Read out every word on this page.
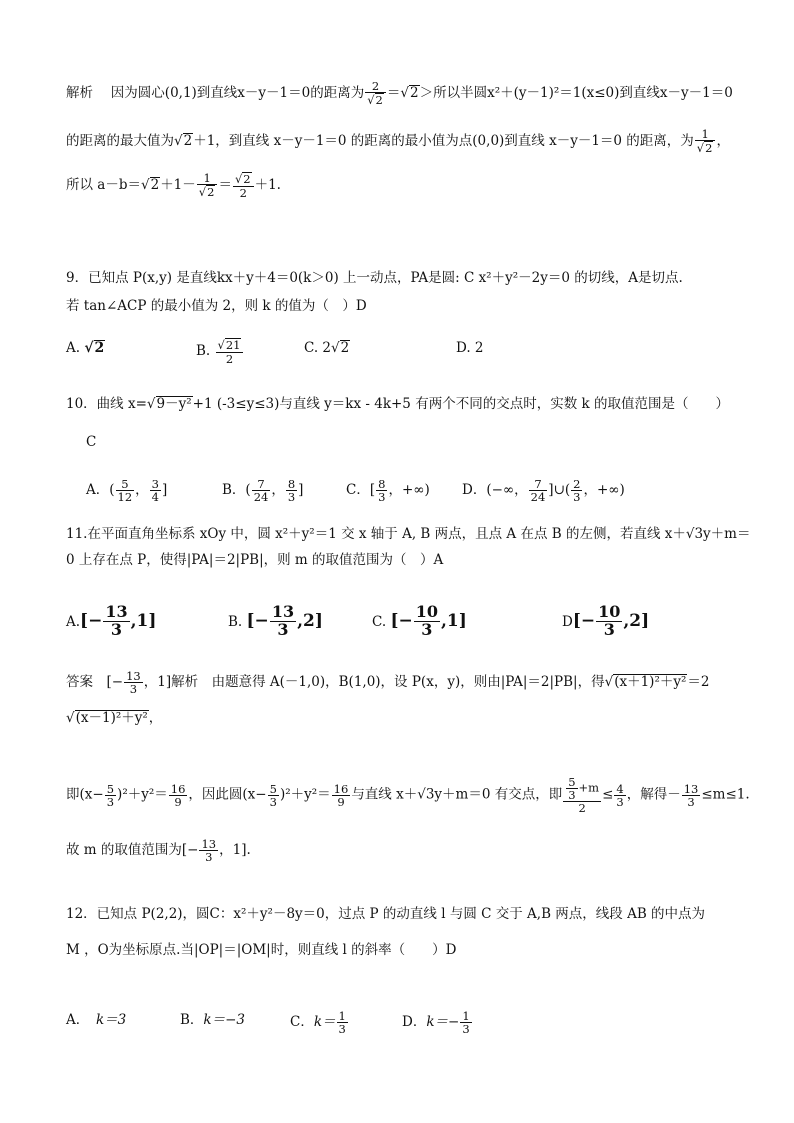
解析　 因为圆心(0,1)到直线x－y－1＝0的距离为 $\frac{2}{√2} =√2>$所以半圆x²＋(y－1)²＝1(x≤0)到直线x－y－1＝0
的距离的最大值为√2＋1，到直线 x－y－1＝0 的距离的最小值为点(0,0)到直线 x－y－1＝0 的距离，为 $\frac{1}{√2}$ ，
所以 $a-b=√2+1- \frac{1}{√2} = \frac{√2}{2} +1$.
9．已知点 P(x,y) 是直线kx＋y＋4＝0(k＞0) 上一动点，PA是圆: C x²＋y²－2y＝0 的切线，A是切点.
若 tan∠ACP 的最小值为 2，则 k 的值为（　）D
A. √2	B. $\frac{√21}{2}$	C. 2√2	D. 2
10．曲线 x=√9－y²+1 (-3≤y≤3)与直线 y＝kx - 4k+5 有两个不同的交点时，实数 k 的取值范围是（　　）
C
A．( $\frac{5}{12}$ ， $\frac{3}{4}$ ]	B．( $\frac{7}{24}$ ， $\frac{8}{3}$ ]	C．[ $\frac{8}{3}$ ，+∞) D．(−∞， $\frac{7}{24}$ ]∪( $\frac{2}{3}$ ，+∞)
11.在平面直角坐标系 xOy 中，圆 x²＋y²＝1 交 x 轴于 A, B 两点，且点 A 在点 B 的左侧，若直线 x＋√3y＋m＝
0 上存在点 P，使得|PA|＝2|PB|，则 m 的取值范围为（　）A
$A.[- \frac{13}{3} ,1]$	B. [− $\frac{13}{3} ,2$]	C. [− $\frac{10}{3} ,1$]	$D[- \frac{10}{3} ,2]$
答案　[− $\frac{13}{3}$ ，1]解析　由题意得 A(－1,0)，B(1,0)，设 P(x，y)，则由|PA|＝2|PB|，得√(x＋1)²＋y²＝2
√(x－1)²＋y²，
即$(x- \frac{5}{3} )^2+y^2= \frac{16}{9}$ ，因此圆$(x- \frac{5}{3} )^2+y^2= \frac{16}{9}$ 与直线 x＋√3y＋m＝0 有交点，即 $\frac{\frac{5}{3} +m}{2} \le \frac{4}{3}$ ，解得－ $\frac{13}{3} \le m\le 1$.
故 m 的取值范围为[− $\frac{13}{3}$ ，1].
12．已知点 P(2,2)，圆C：x²＋y²－8y＝0，过点 P 的动直线 l 与圆 C 交于 A,B 两点，线段 AB 的中点为
M ，O为坐标原点.当|OP|＝|OM|时，则直线 l 的斜率（　　）D
A．　 k＝3	B．k＝−3	C．$k= \frac{1}{3}$	D．$k=- \frac{1}{3}$
